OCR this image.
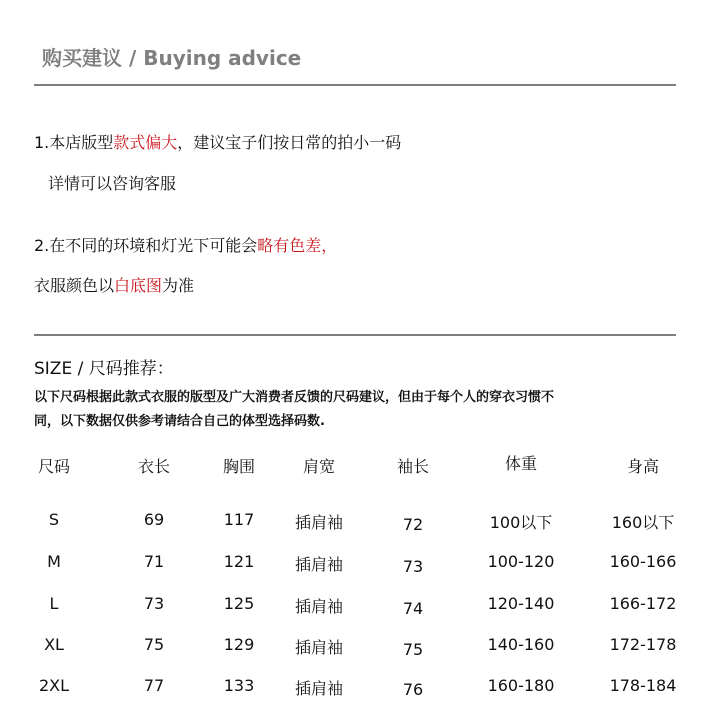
购买建议 / Buying advice
1.本店版型款式偏大，建议宝子们按日常的拍小一码
详情可以咨询客服
2.在不同的环境和灯光下可能会略有色差，
衣服颜色以白底图为准
SIZE / 尺码推荐：
以下尺码根据此款式衣服的版型及广大消费者反馈的尺码建议，但由于每个人的穿衣习惯不
同，以下数据仅供参考请结合自己的体型选择码数.
尺码	衣长	胸围	肩宽	袖长	体重	身高
S	69	117	插肩袖	72	100以下	160以下
M	71	121	插肩袖	73	100-120	160-166
L	73	125	插肩袖	74	120-140	166-172
XL	75	129	插肩袖	75	140-160	172-178
2XL	77	133	插肩袖	76	160-180	178-184
